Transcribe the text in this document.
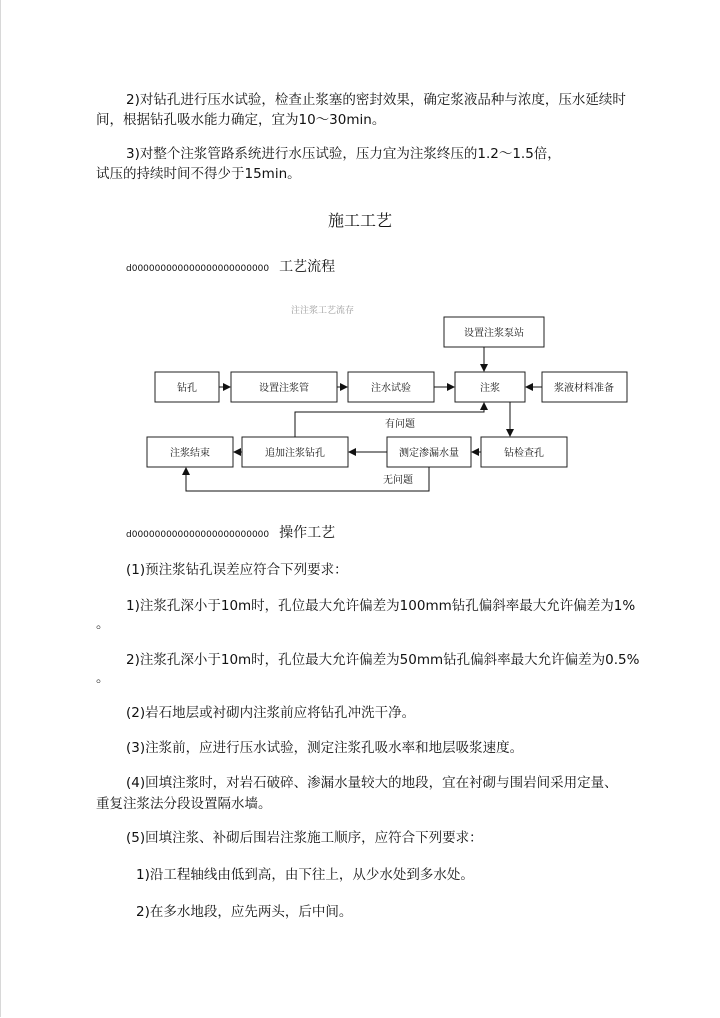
2)对钻孔进行压水试验，检查止浆塞的密封效果，确定浆液品种与浓度，压水延续时
间，根据钻孔吸水能力确定，宜为10〜30min。
3)对整个注浆管路系统进行水压试验，压力宜为注浆终压的1.2〜1.5倍，
试压的持续时间不得少于15min。
施工工艺
d000000000000000000000000 工艺流程
注注浆工艺流存
设置注浆泵站
钻孔	设置注浆管	注水试验	注浆	浆液材料准备
注浆结束	追加注浆钻孔	测定渗漏水量	钻检查孔
有问题
无问题
d000000000000000000000000 操作工艺
(1)预注浆钻孔误差应符合下列要求：
1)注浆孔深小于10m时，孔位最大允许偏差为100mm钻孔偏斜率最大允许偏差为1%
。
2)注浆孔深小于10m时，孔位最大允许偏差为50mm钻孔偏斜率最大允许偏差为0.5%
。
(2)岩石地层或衬砌内注浆前应将钻孔冲洗干净。
(3)注浆前，应进行压水试验，测定注浆孔吸水率和地层吸浆速度。
(4)回填注浆时，对岩石破碎、渗漏水量较大的地段，宜在衬砌与围岩间采用定量、
重复注浆法分段设置隔水墙。
(5)回填注浆、补砌后围岩注浆施工顺序，应符合下列要求：
1)沿工程轴线由低到高，由下往上，从少水处到多水处。
2)在多水地段，应先两头，后中间。
